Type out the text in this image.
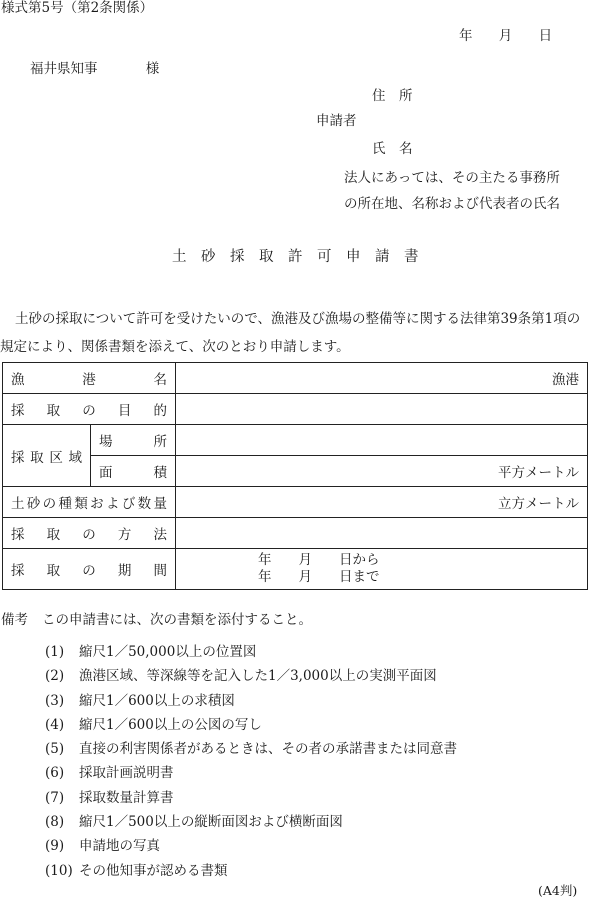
様式第5号（第2条関係）
年 月 日
福井県知事 様
住　所
申請者
氏　名
法人にあっては、その主たる事務所
の所在地、名称および代表者の氏名
土砂採取許可申請書
土砂の採取について許可を受けたいので、漁港及び漁場の整備等に関する法律第39条第1項の規定により、関係書類を添えて、次のとおり申請します。
漁港名		漁港
採取の目的		
採取区域	場所	
	面積	平方メートル
土砂の種類および数量		立方メートル
採取の方法		
採取の期間		年　　月　　日から
年　　月　　日まで
備考 この申請書には、次の書類を添付すること。
(1) 縮尺1／50,000以上の位置図
(2) 漁港区域、等深線等を記入した1／3,000以上の実測平面図
(3) 縮尺1／600以上の求積図
(4) 縮尺1／600以上の公図の写し
(5) 直接の利害関係者があるときは、その者の承諾書または同意書
(6) 採取計画説明書
(7) 採取数量計算書
(8) 縮尺1／500以上の縦断面図および横断面図
(9) 申請地の写真
(10) その他知事が認める書類
(A4判)
